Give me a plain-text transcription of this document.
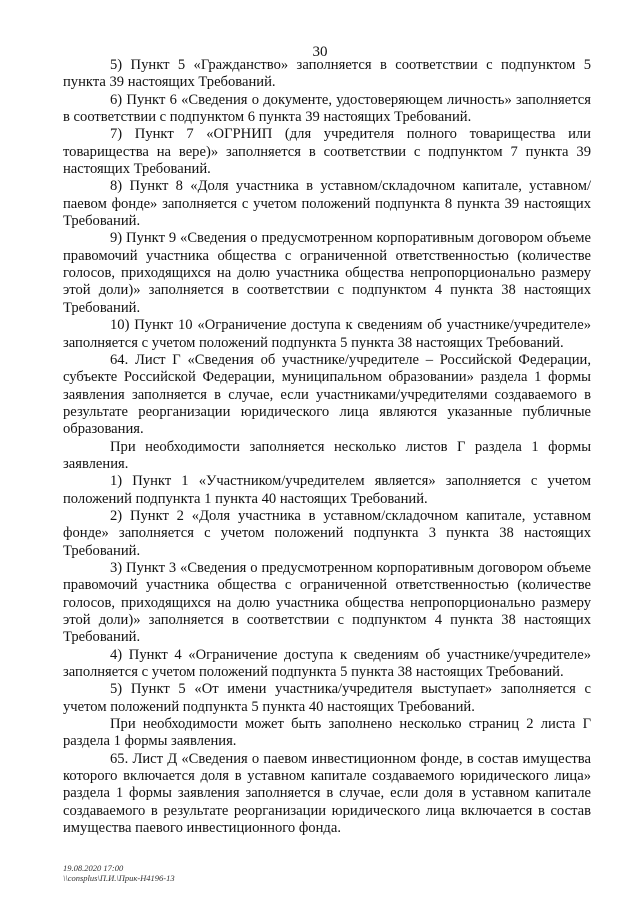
30

5) Пункт 5 «Гражданство» заполняется в соответствии с подпунктом 5 пункта 39 настоящих Требований.

6) Пункт 6 «Сведения о документе, удостоверяющем личность» заполняется в соответствии с подпунктом 6 пункта 39 настоящих Требований.

7) Пункт 7 «ОГРНИП (для учредителя полного товарищества или товарищества на вере)» заполняется в соответствии с подпунктом 7 пункта 39 настоящих Требований.

8) Пункт 8 «Доля участника в уставном/складочном капитале, уставном/паевом фонде» заполняется с учетом положений подпункта 8 пункта 39 настоящих Требований.

9) Пункт 9 «Сведения о предусмотренном корпоративным договором объеме правомочий участника общества с ограниченной ответственностью (количестве голосов, приходящихся на долю участника общества непропорционально размеру этой доли)» заполняется в соответствии с подпунктом 4 пункта 38 настоящих Требований.

10) Пункт 10 «Ограничение доступа к сведениям об участнике/учредителе» заполняется с учетом положений подпункта 5 пункта 38 настоящих Требований.

64. Лист Г «Сведения об участнике/учредителе – Российской Федерации, субъекте Российской Федерации, муниципальном образовании» раздела 1 формы заявления заполняется в случае, если участниками/учредителями создаваемого в результате реорганизации юридического лица являются указанные публичные образования.

При необходимости заполняется несколько листов Г раздела 1 формы заявления.

1) Пункт 1 «Участником/учредителем является» заполняется с учетом положений подпункта 1 пункта 40 настоящих Требований.

2) Пункт 2 «Доля участника в уставном/складочном капитале, уставном фонде» заполняется с учетом положений подпункта 3 пункта 38 настоящих Требований.

3) Пункт 3 «Сведения о предусмотренном корпоративным договором объеме правомочий участника общества с ограниченной ответственностью (количестве голосов, приходящихся на долю участника общества непропорционально размеру этой доли)» заполняется в соответствии с подпунктом 4 пункта 38 настоящих Требований.

4) Пункт 4 «Ограничение доступа к сведениям об участнике/учредителе» заполняется с учетом положений подпункта 5 пункта 38 настоящих Требований.

5) Пункт 5 «От имени участника/учредителя выступает» заполняется с учетом положений подпункта 5 пункта 40 настоящих Требований.

При необходимости может быть заполнено несколько страниц 2 листа Г раздела 1 формы заявления.

65. Лист Д «Сведения о паевом инвестиционном фонде, в состав имущества которого включается доля в уставном капитале создаваемого юридического лица» раздела 1 формы заявления заполняется в случае, если доля в уставном капитале создаваемого в результате реорганизации юридического лица включается в состав имущества паевого инвестиционного фонда.

19.08.2020 17:00
\\consplus\П.И.\Прик-Н4196-13
